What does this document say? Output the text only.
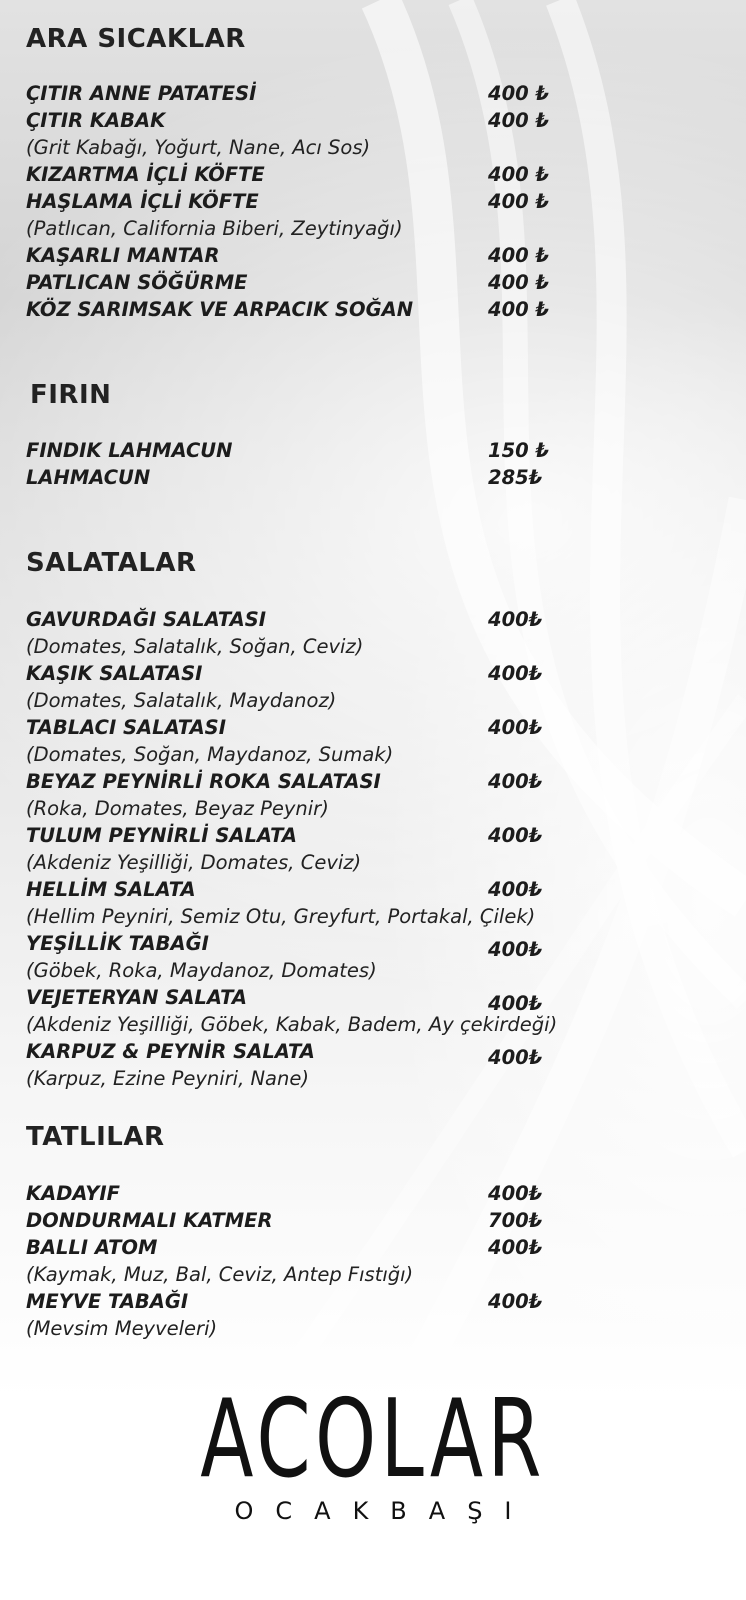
ARA SICAKLAR
ÇITIR ANNE PATATESİ	400 ₺
ÇITIR KABAK	400 ₺
(Grit Kabağı, Yoğurt, Nane, Acı Sos)
KIZARTMA İÇLİ KÖFTE	400 ₺
HAŞLAMA İÇLİ KÖFTE	400 ₺
(Patlıcan, California Biberi, Zeytinyağı)
KAŞARLI MANTAR	400 ₺
PATLICAN SÖĞÜRME	400 ₺
KÖZ SARIMSAK VE ARPACIK SOĞAN	400 ₺
FIRIN
FINDIK LAHMACUN	150 ₺
LAHMACUN	285₺
SALATALAR
GAVURDAĞI SALATASI	400₺
(Domates, Salatalık, Soğan, Ceviz)
KAŞIK SALATASI	400₺
(Domates, Salatalık, Maydanoz)
TABLACI SALATASI	400₺
(Domates, Soğan, Maydanoz, Sumak)
BEYAZ PEYNİRLİ ROKA SALATASI	400₺
(Roka, Domates, Beyaz Peynir)
TULUM PEYNİRLİ SALATA	400₺
(Akdeniz Yeşilliği, Domates, Ceviz)
HELLİM SALATA	400₺
(Hellim Peyniri, Semiz Otu, Greyfurt, Portakal, Çilek)
YEŞİLLİK TABAĞI	400₺
(Göbek, Roka, Maydanoz, Domates)
VEJETERYAN SALATA	400₺
(Akdeniz Yeşilliği, Göbek, Kabak, Badem, Ay çekirdeği)
KARPUZ & PEYNİR SALATA	400₺
(Karpuz, Ezine Peyniri, Nane)
TATLILAR
KADAYIF	400₺
DONDURMALI KATMER	700₺
BALLI ATOM	400₺
(Kaymak, Muz, Bal, Ceviz, Antep Fıstığı)
MEYVE TABAĞI	400₺
(Mevsim Meyveleri)
ACOLAR
OCAKBAŞI
